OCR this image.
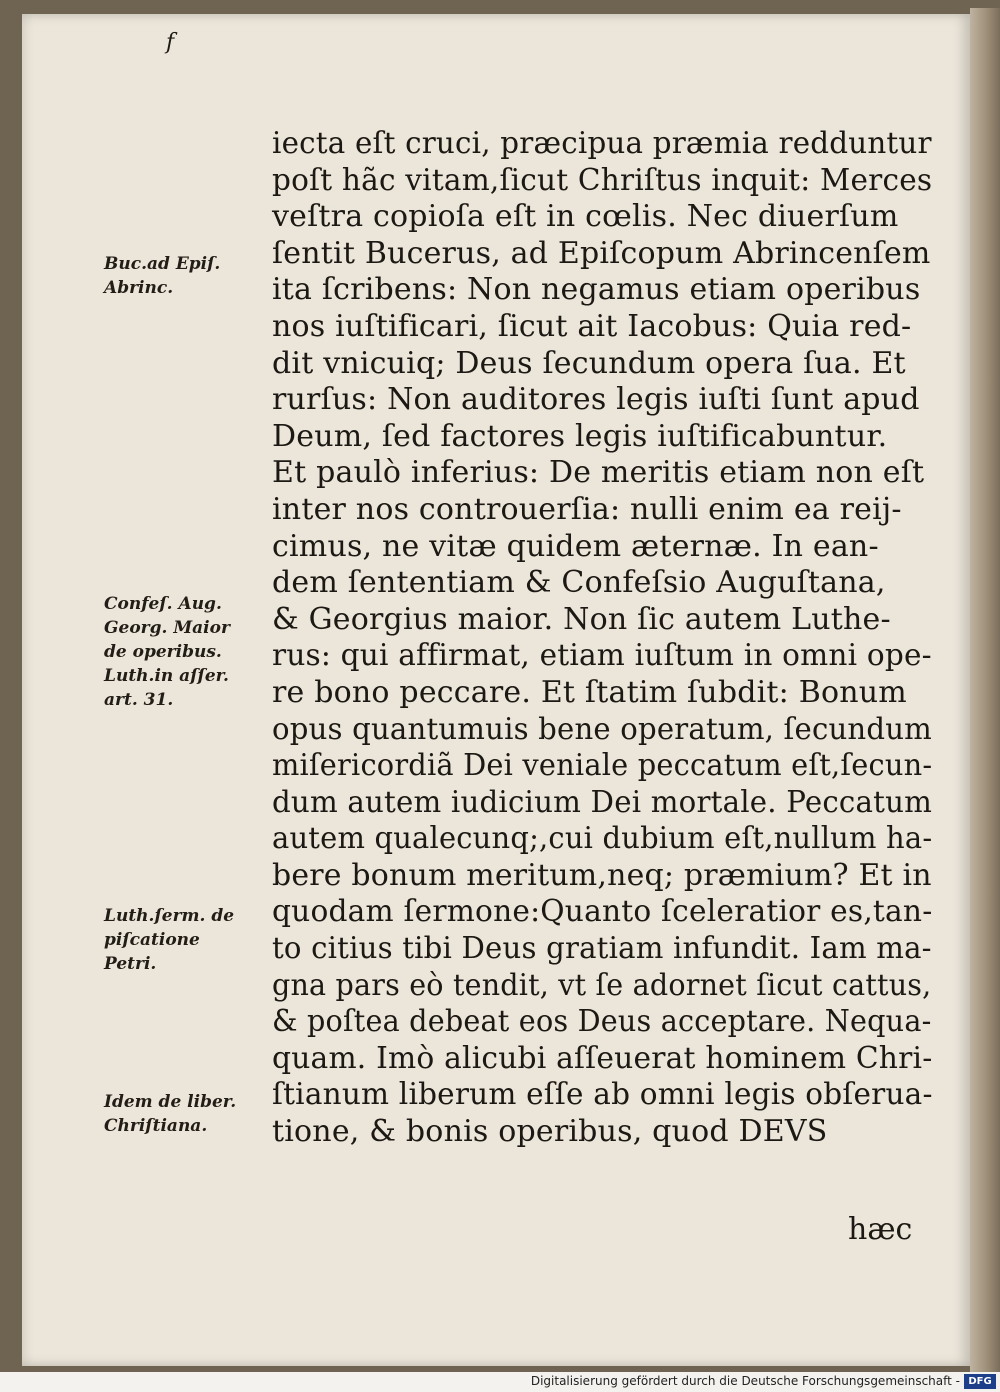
f
iecta eſt cruci, præcipua præmia redduntur
poſt hãc vitam,ſicut Chriſtus inquit: Merces
veſtra copioſa eſt in cœlis. Nec diuerſum
ſentit Bucerus, ad Epiſcopum Abrincenſem
ita ſcribens: Non negamus etiam operibus
nos iuſtificari, ſicut ait Iacobus: Quia red-
dit vnicuiq; Deus ſecundum opera ſua. Et
rurſus: Non auditores legis iuſti ſunt apud
Deum, ſed factores legis iuſtificabuntur.
Et paulò inferius: De meritis etiam non eſt
inter nos controuerſia: nulli enim ea reij-
cimus, ne vitæ quidem æternæ. In ean-
dem ſententiam & Confeſsio Auguſtana,
& Georgius maior. Non ſic autem Luthe-
rus: qui affirmat, etiam iuſtum in omni ope-
re bono peccare. Et ſtatim ſubdit: Bonum
opus quantumuis bene operatum, ſecundum
miſericordiã Dei veniale peccatum eſt,ſecun-
dum autem iudicium Dei mortale. Peccatum
autem qualecunq;,cui dubium eſt,nullum ha-
bere bonum meritum,neq; præmium? Et in
quodam ſermone:Quanto ſceleratior es,tan-
to citius tibi Deus gratiam infundit. Iam ma-
gna pars eò tendit, vt ſe adornet ſicut cattus,
& poſtea debeat eos Deus acceptare. Nequa-
quam. Imò alicubi aſſeuerat hominem Chri-
ſtianum liberum eſſe ab omni legis obſerua-
tione, & bonis operibus, quod DEVS
hæc
Buc.ad Epiſ.
Abrinc.
Confeſ. Aug.
Georg. Maior
de operibus.
Luth.in aſſer.
art. 31.
Luth.ſerm. de
piſcatione
Petri.
Idem de liber.
Chriſtiana.
Digitalisierung gefördert durch die Deutsche Forschungsgemeinschaft - DFG
